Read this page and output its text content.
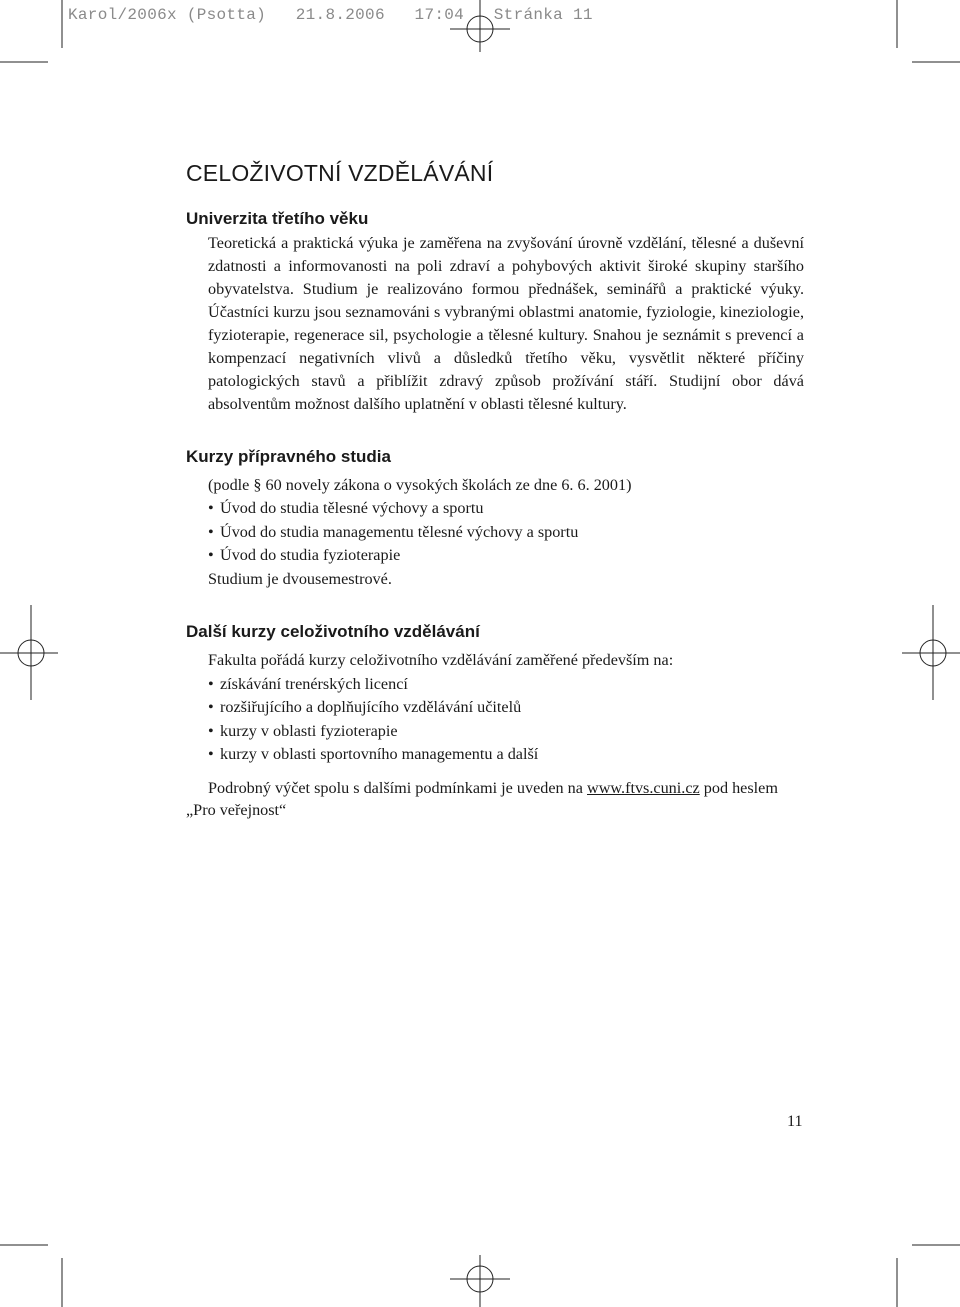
Karol/2006x (Psotta)   21.8.2006   17:04   Stránka 11
CELOŽIVOTNÍ VZDĚLÁVÁNÍ
Univerzita třetího věku

Teoretická a praktická výuka je zaměřena na zvyšování úrovně vzdělání, tělesné a duševní zdatnosti a informovanosti na poli zdraví a pohybových aktivit široké skupiny staršího obyvatelstva. Studium je realizováno formou přednášek, seminářů a praktické výuky. Účastníci kurzu jsou seznamováni s vybranými oblastmi anatomie, fyziologie, kineziologie, fyzioterapie, regenerace sil, psychologie a tělesné kultury. Snahou je seznámit s prevencí a kompenzací negativních vlivů a důsledků třetího věku, vysvětlit některé příčiny patologických stavů a přiblížit zdravý způsob prožívání stáří. Studijní obor dává absolventům možnost dalšího uplatnění v oblasti tělesné kultury.

Kurzy přípravného studia

(podle § 60 novely zákona o vysokých školách ze dne 6. 6. 2001)

• Úvod do studia tělesné výchovy a sportu
• Úvod do studia managementu tělesné výchovy a sportu
• Úvod do studia fyzioterapie

Studium je dvousemestrové.

Další kurzy celoživotního vzdělávání

Fakulta pořádá kurzy celoživotního vzdělávání zaměřené především na:

• získávání trenérských licencí
• rozšiřujícího a doplňujícího vzdělávání učitelů
• kurzy v oblasti fyzioterapie
• kurzy v oblasti sportovního managementu a další

Podrobný výčet spolu s dalšími podmínkami je uveden na www.ftvs.cuni.cz pod heslem „Pro veřejnost“

11
